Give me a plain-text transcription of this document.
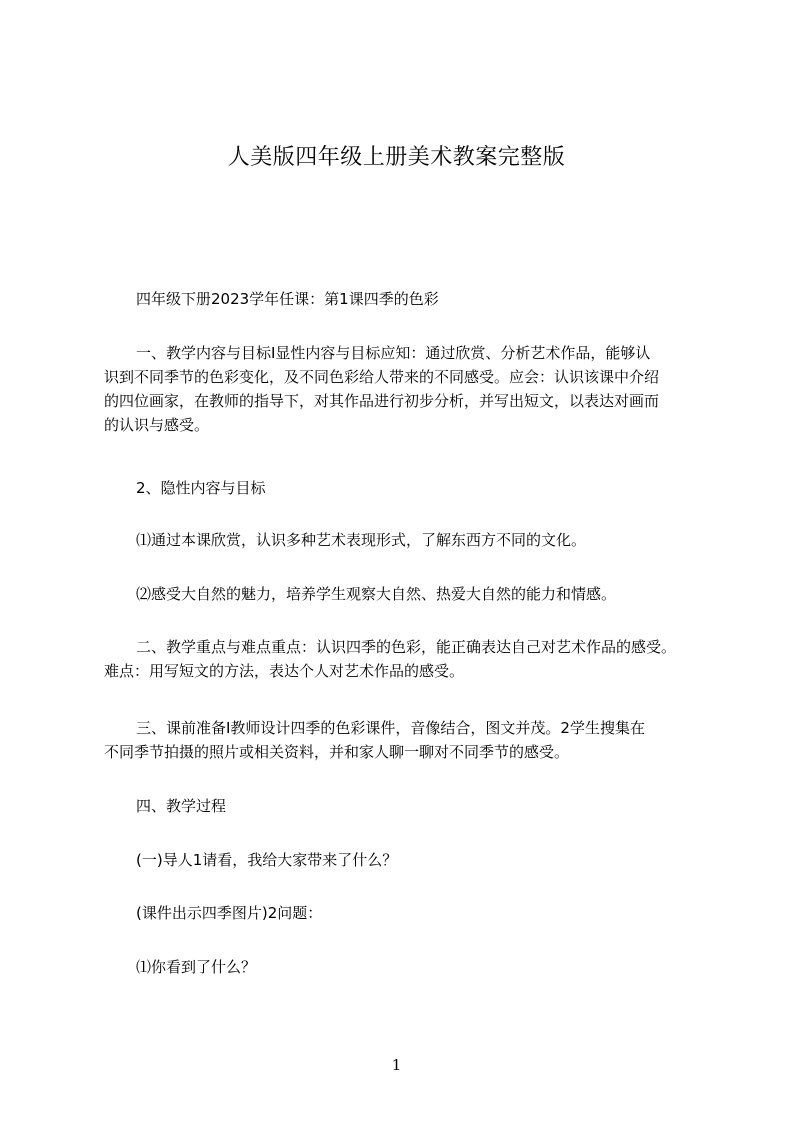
人美版四年级上册美术教案完整版
四年级下册2023学年任课：第1课四季的色彩
一、教学内容与目标Ⅰ显性内容与目标应知：通过欣赏、分析艺术作品，能够认
识到不同季节的色彩变化，及不同色彩给人带来的不同感受。应会：认识该课中介绍
的四位画家，在教师的指导下，对其作品进行初步分析，并写出短文，以表达对画而
的认识与感受。
2、隐性内容与目标
⑴通过本课欣赏，认识多种艺术表现形式，了解东西方不同的文化。
⑵感受大自然的魅力，培养学生观察大自然、热爱大自然的能力和情感。
二、教学重点与难点重点：认识四季的色彩，能正确表达自己对艺术作品的感受。
难点：用写短文的方法，表达个人对艺术作品的感受。
三、课前准备Ⅰ教师设计四季的色彩课件，音像结合，图文并茂。2学生搜集在
不同季节拍摄的照片或相关资料，并和家人聊一聊对不同季节的感受。
四、教学过程
(一)导人1请看，我给大家带来了什么？
(课件出示四季图片)2问题：
⑴你看到了什么？
1
